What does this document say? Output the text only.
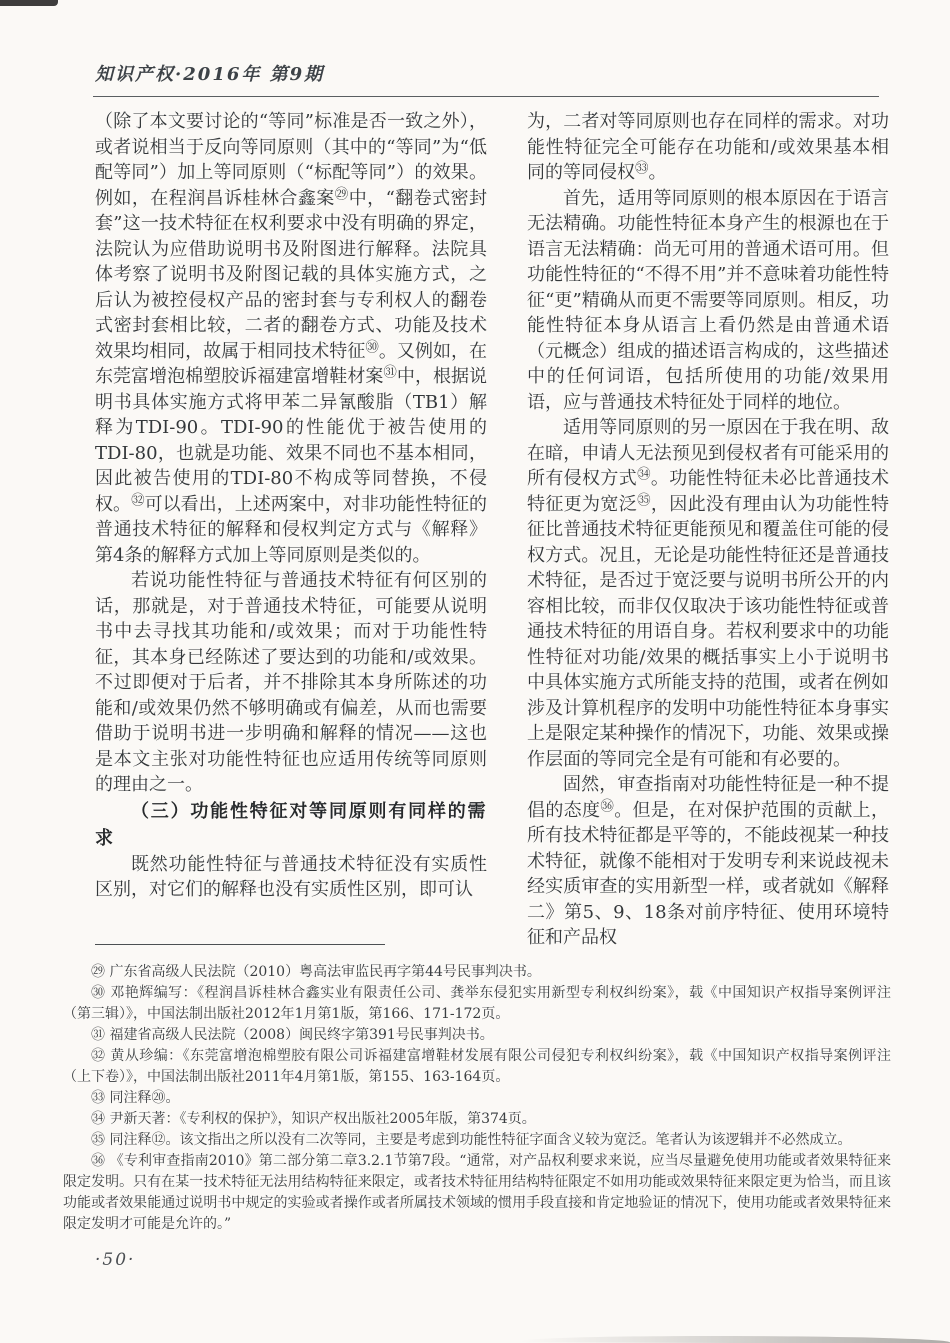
知识产权·2016年 第9期

（除了本文要讨论的“等同”标准是否一致之外），或者说相当于反向等同原则（其中的“等同”为“低配等同”）加上等同原则（“标配等同”）的效果。例如，在程润昌诉桂林合鑫案$^㉙$中，“翻卷式密封套”这一技术特征在权利要求中没有明确的界定，法院认为应借助说明书及附图进行解释。法院具体考察了说明书及附图记载的具体实施方式，之后认为被控侵权产品的密封套与专利权人的翻卷式密封套相比较，二者的翻卷方式、功能及技术效果均相同，故属于相同技术特征$^㉚$。又例如，在东莞富增泡棉塑胶诉福建富增鞋材案$^㉛$中，根据说明书具体实施方式将甲苯二异氰酸脂（TB1）解释为TDI-90。TDI-90的性能优于被告使用的TDI-80，也就是功能、效果不同也不基本相同，因此被告使用的TDI-80不构成等同替换，不侵权。$^㉜$可以看出，上述两案中，对非功能性特征的普通技术特征的解释和侵权判定方式与《解释》第4条的解释方式加上等同原则是类似的。

若说功能性特征与普通技术特征有何区别的话，那就是，对于普通技术特征，可能要从说明书中去寻找其功能和/或效果；而对于功能性特征，其本身已经陈述了要达到的功能和/或效果。不过即便对于后者，并不排除其本身所陈述的功能和/或效果仍然不够明确或有偏差，从而也需要借助于说明书进一步明确和解释的情况——这也是本文主张对功能性特征也应适用传统等同原则的理由之一。

（三）功能性特征对等同原则有同样的需求

既然功能性特征与普通技术特征没有实质性区别，对它们的解释也没有实质性区别，即可认

为，二者对等同原则也存在同样的需求。对功能性特征完全可能存在功能和/或效果基本相同的等同侵权$^㉝$。

首先，适用等同原则的根本原因在于语言无法精确。功能性特征本身产生的根源也在于语言无法精确：尚无可用的普通术语可用。但功能性特征的“不得不用”并不意味着功能性特征“更”精确从而更不需要等同原则。相反，功能性特征本身从语言上看仍然是由普通术语（元概念）组成的描述语言构成的，这些描述中的任何词语，包括所使用的功能/效果用语，应与普通技术特征处于同样的地位。

适用等同原则的另一原因在于我在明、敌在暗，申请人无法预见到侵权者有可能采用的所有侵权方式$^㉞$。功能性特征未必比普通技术特征更为宽泛$^㉟$，因此没有理由认为功能性特征比普通技术特征更能预见和覆盖住可能的侵权方式。况且，无论是功能性特征还是普通技术特征，是否过于宽泛要与说明书所公开的内容相比较，而非仅仅取决于该功能性特征或普通技术特征的用语自身。若权利要求中的功能性特征对功能/效果的概括事实上小于说明书中具体实施方式所能支持的范围，或者在例如涉及计算机程序的发明中功能性特征本身事实上是限定某种操作的情况下，功能、效果或操作层面的等同完全是有可能和有必要的。

固然，审查指南对功能性特征是一种不提倡的态度$^㊱$。但是，在对保护范围的贡献上，所有技术特征都是平等的，不能歧视某一种技术特征，就像不能相对于发明专利来说歧视未经实质审查的实用新型一样，或者就如《解释二》第5、9、18条对前序特征、使用环境特征和产品权

㉙ 广东省高级人民法院（2010）粤高法审监民再字第44号民事判决书。

㉚ 邓艳辉编写：《程润昌诉桂林合鑫实业有限责任公司、龚举东侵犯实用新型专利权纠纷案》，载《中国知识产权指导案例评注（第三辑）》，中国法制出版社2012年1月第1版，第166、171-172页。

㉛ 福建省高级人民法院（2008）闽民终字第391号民事判决书。

㉜ 黄从珍编：《东莞富增泡棉塑胶有限公司诉福建富增鞋材发展有限公司侵犯专利权纠纷案》，载《中国知识产权指导案例评注（上下卷）》，中国法制出版社2011年4月第1版，第155、163-164页。

㉝ 同注释⑳。

㉞ 尹新天著：《专利权的保护》，知识产权出版社2005年版，第374页。

㉟ 同注释⑫。该文指出之所以没有二次等同，主要是考虑到功能性特征字面含义较为宽泛。笔者认为该逻辑并不必然成立。

㊱ 《专利审查指南2010》第二部分第二章3.2.1节第7段。“通常，对产品权利要求来说，应当尽量避免使用功能或者效果特征来限定发明。只有在某一技术特征无法用结构特征来限定，或者技术特征用结构特征限定不如用功能或效果特征来限定更为恰当，而且该功能或者效果能通过说明书中规定的实验或者操作或者所属技术领域的惯用手段直接和肯定地验证的情况下，使用功能或者效果特征来限定发明才可能是允许的。”

·50·
